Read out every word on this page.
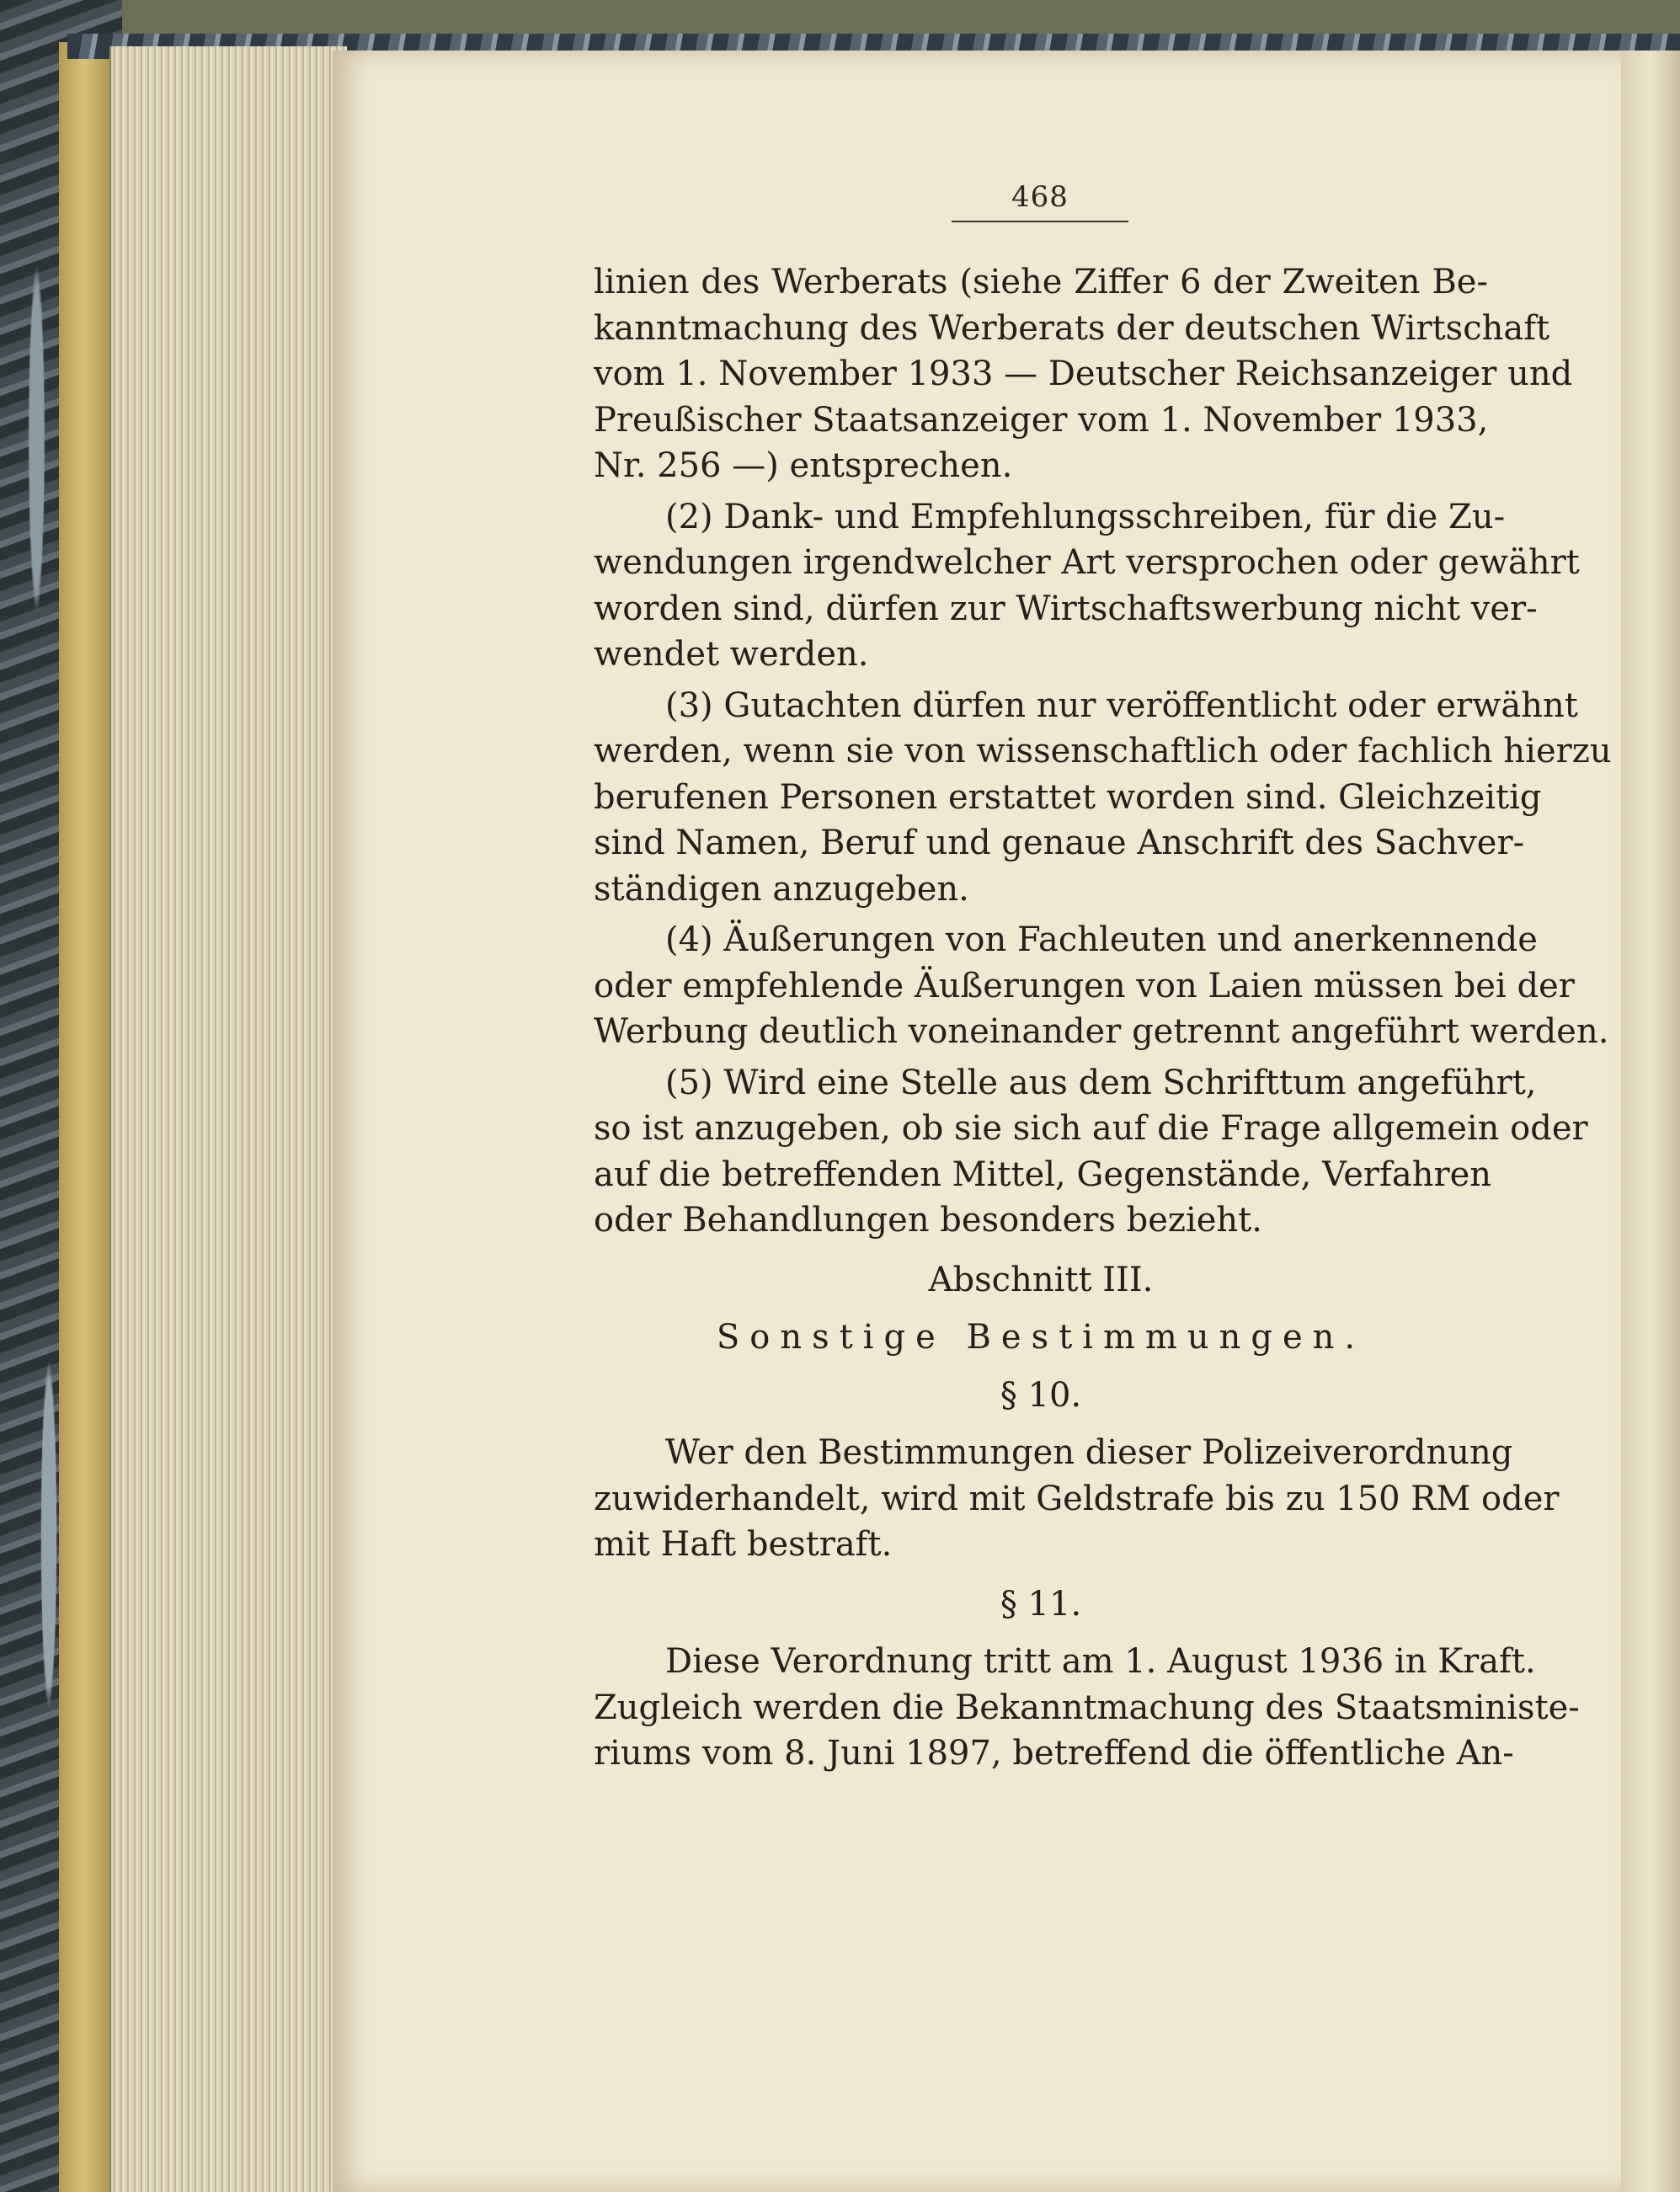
468
linien des Werberats (siehe Ziffer 6 der Zweiten Be-
kanntmachung des Werberats der deutschen Wirtschaft
vom 1. November 1933 — Deutscher Reichsanzeiger und
Preußischer Staatsanzeiger vom 1. November 1933,
Nr. 256 —) entsprechen.
(2) Dank- und Empfehlungsschreiben, für die Zu-
wendungen irgendwelcher Art versprochen oder gewährt
worden sind, dürfen zur Wirtschaftswerbung nicht ver-
wendet werden.
(3) Gutachten dürfen nur veröffentlicht oder erwähnt
werden, wenn sie von wissenschaftlich oder fachlich hierzu
berufenen Personen erstattet worden sind. Gleichzeitig
sind Namen, Beruf und genaue Anschrift des Sachver-
ständigen anzugeben.
(4) Äußerungen von Fachleuten und anerkennende
oder empfehlende Äußerungen von Laien müssen bei der
Werbung deutlich voneinander getrennt angeführt werden.
(5) Wird eine Stelle aus dem Schrifttum angeführt,
so ist anzugeben, ob sie sich auf die Frage allgemein oder
auf die betreffenden Mittel, Gegenstände, Verfahren
oder Behandlungen besonders bezieht.
Abschnitt III.
Sonstige Bestimmungen.
§ 10.
Wer den Bestimmungen dieser Polizeiverordnung
zuwiderhandelt, wird mit Geldstrafe bis zu 150 RM oder
mit Haft bestraft.
§ 11.
Diese Verordnung tritt am 1. August 1936 in Kraft.
Zugleich werden die Bekanntmachung des Staatsministe-
riums vom 8. Juni 1897, betreffend die öffentliche An-
